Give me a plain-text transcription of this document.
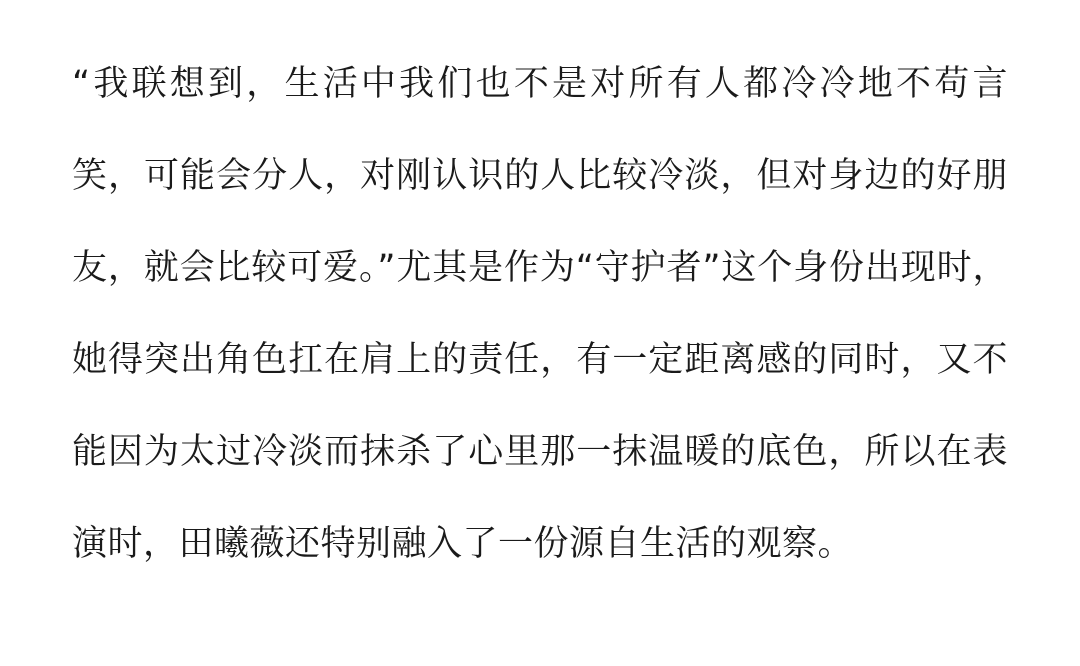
“我联想到，生活中我们也不是对所有人都冷冷地不苟言笑，可能会分人，对刚认识的人比较冷淡，但对身边的好朋友，就会比较可爱。”尤其是作为“守护者”这个身份出现时，她得突出角色扛在肩上的责任，有一定距离感的同时，又不能因为太过冷淡而抹杀了心里那一抹温暖的底色，所以在表演时，田曦薇还特别融入了一份源自生活的观察。
